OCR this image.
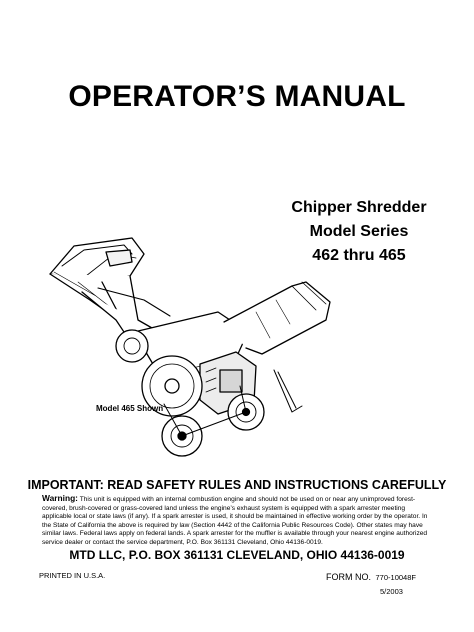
OPERATOR’S MANUAL
Chipper Shredder
Model Series
462 thru 465
Model 465 Shown
IMPORTANT: READ SAFETY RULES AND INSTRUCTIONS CAREFULLY
Warning: This unit is equipped with an internal combustion engine and should not be used on or near any unimproved forest-covered, brush-covered or grass-covered land unless the engine’s exhaust system is equipped with a spark arrester meeting applicable local or state laws (if any). If a spark arrester is used, it should be maintained in effective working order by the operator. In the State of California the above is required by law (Section 4442 of the California Public Resources Code). Other states may have similar laws. Federal laws apply on federal lands. A spark arrester for the muffler is available through your nearest engine authorized service dealer or contact the service department, P.O. Box 361131 Cleveland, Ohio 44136-0019.
MTD LLC, P.O. BOX 361131 CLEVELAND, OHIO 44136-0019
PRINTED IN U.S.A.	FORM NO. 770-10048F
5/2003
